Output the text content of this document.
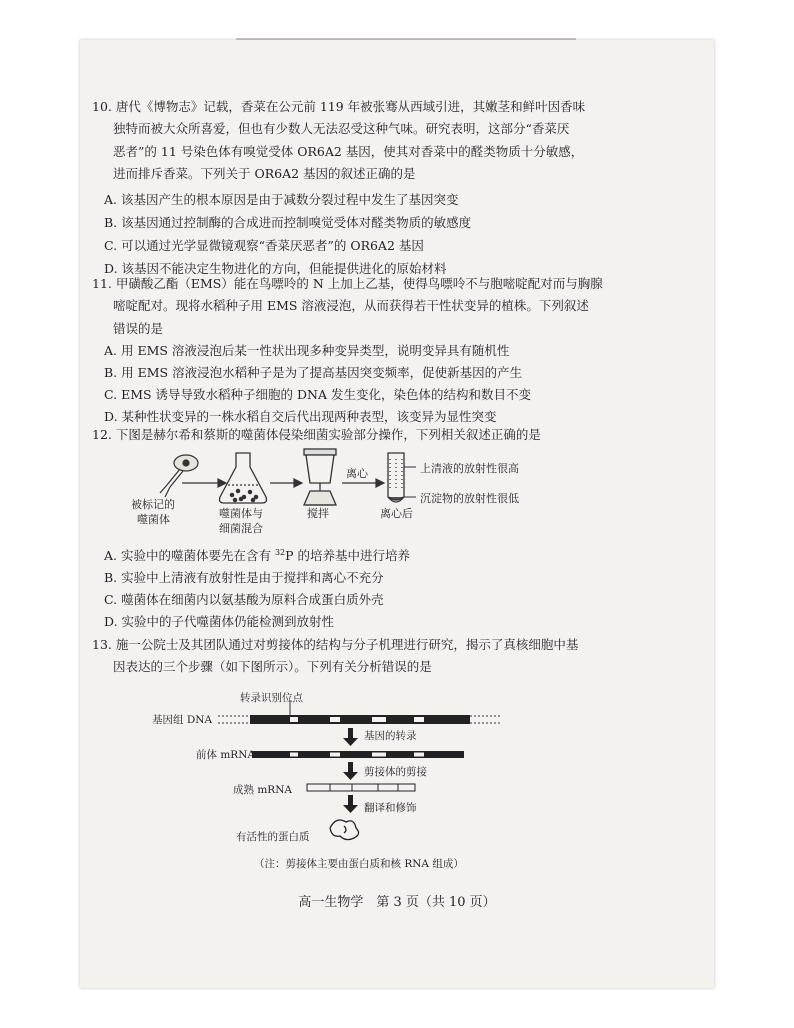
10. 唐代《博物志》记载，香菜在公元前 119 年被张骞从西域引进，其嫩茎和鲜叶因香味
独特而被大众所喜爱，但也有少数人无法忍受这种气味。研究表明，这部分“香菜厌
恶者”的 11 号染色体有嗅觉受体 OR6A2 基因，使其对香菜中的醛类物质十分敏感，
进而排斥香菜。下列关于 OR6A2 基因的叙述正确的是
A. 该基因产生的根本原因是由于减数分裂过程中发生了基因突变
B. 该基因通过控制酶的合成进而控制嗅觉受体对醛类物质的敏感度
C. 可以通过光学显微镜观察“香菜厌恶者”的 OR6A2 基因
D. 该基因不能决定生物进化的方向，但能提供进化的原始材料
11. 甲磺酸乙酯（EMS）能在鸟嘌呤的 N 上加上乙基，使得鸟嘌呤不与胞嘧啶配对而与胸腺
嘧啶配对。现将水稻种子用 EMS 溶液浸泡，从而获得若干性状变异的植株。下列叙述
错误的是
A. 用 EMS 溶液浸泡后某一性状出现多种变异类型，说明变异具有随机性
B. 用 EMS 溶液浸泡水稻种子是为了提高基因突变频率，促使新基因的产生
C. EMS 诱导导致水稻种子细胞的 DNA 发生变化，染色体的结构和数目不变
D. 某种性状变异的一株水稻自交后代出现两种表型，该变异为显性突变
12. 下图是赫尔希和蔡斯的噬菌体侵染细菌实验部分操作，下列相关叙述正确的是
被标记的
噬菌体	噬菌体与
细菌混合
搅拌
离心
离心后
上清液的放射性很高
沉淀物的放射性很低
A. 实验中的噬菌体要先在含有 $^{32}$P 的培养基中进行培养
B. 实验中上清液有放射性是由于搅拌和离心不充分
C. 噬菌体在细菌内以氨基酸为原料合成蛋白质外壳
D. 实验中的子代噬菌体仍能检测到放射性
13. 施一公院士及其团队通过对剪接体的结构与分子机理进行研究，揭示了真核细胞中基
因表达的三个步骤（如下图所示）。下列有关分析错误的是
转录识别位点
基因组 DNA
基因的转录
前体 mRNA
剪接体的剪接
成熟 mRNA
翻译和修饰
有活性的蛋白质
（注：剪接体主要由蛋白质和核 RNA 组成）
高一生物学　第 3 页（共 10 页）
